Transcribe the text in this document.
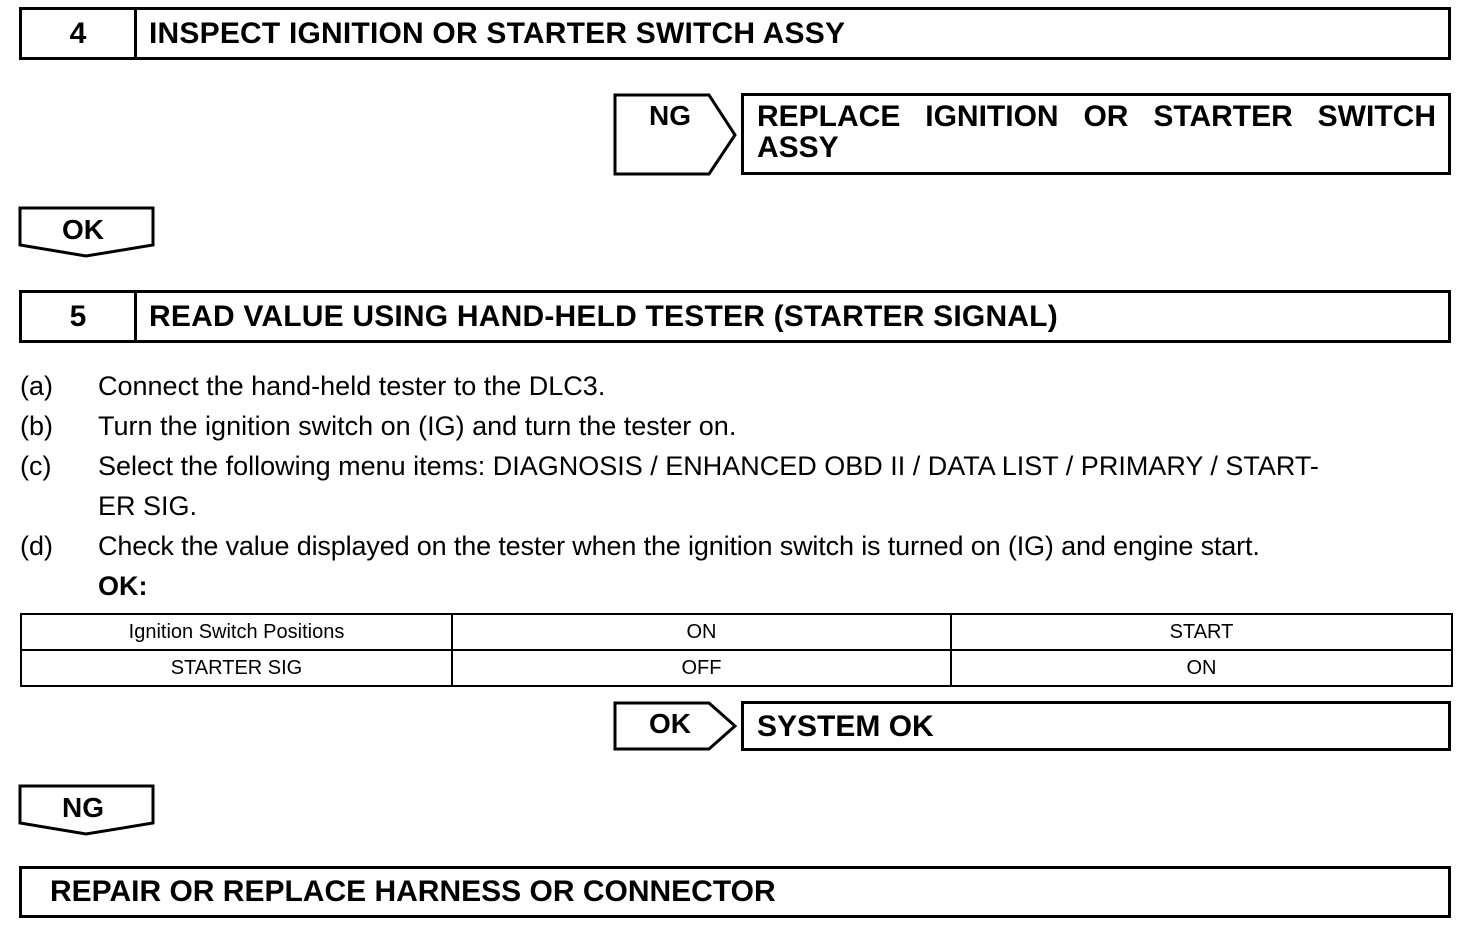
4	INSPECT IGNITION OR STARTER SWITCH ASSY
NG	REPLACE IGNITION OR STARTER SWITCH
ASSY
OK
5	READ VALUE USING HAND-HELD TESTER (STARTER SIGNAL)
(a) Connect the hand-held tester to the DLC3.
(b) Turn the ignition switch on (IG) and turn the tester on.
(c) Select the following menu items: DIAGNOSIS / ENHANCED OBD II / DATA LIST / PRIMARY / START-
ER SIG.
(d) Check the value displayed on the tester when the ignition switch is turned on (IG) and engine start.
OK:
Ignition Switch Positions	ON	START
STARTER SIG	OFF	ON
OK	SYSTEM OK
NG
REPAIR OR REPLACE HARNESS OR CONNECTOR
